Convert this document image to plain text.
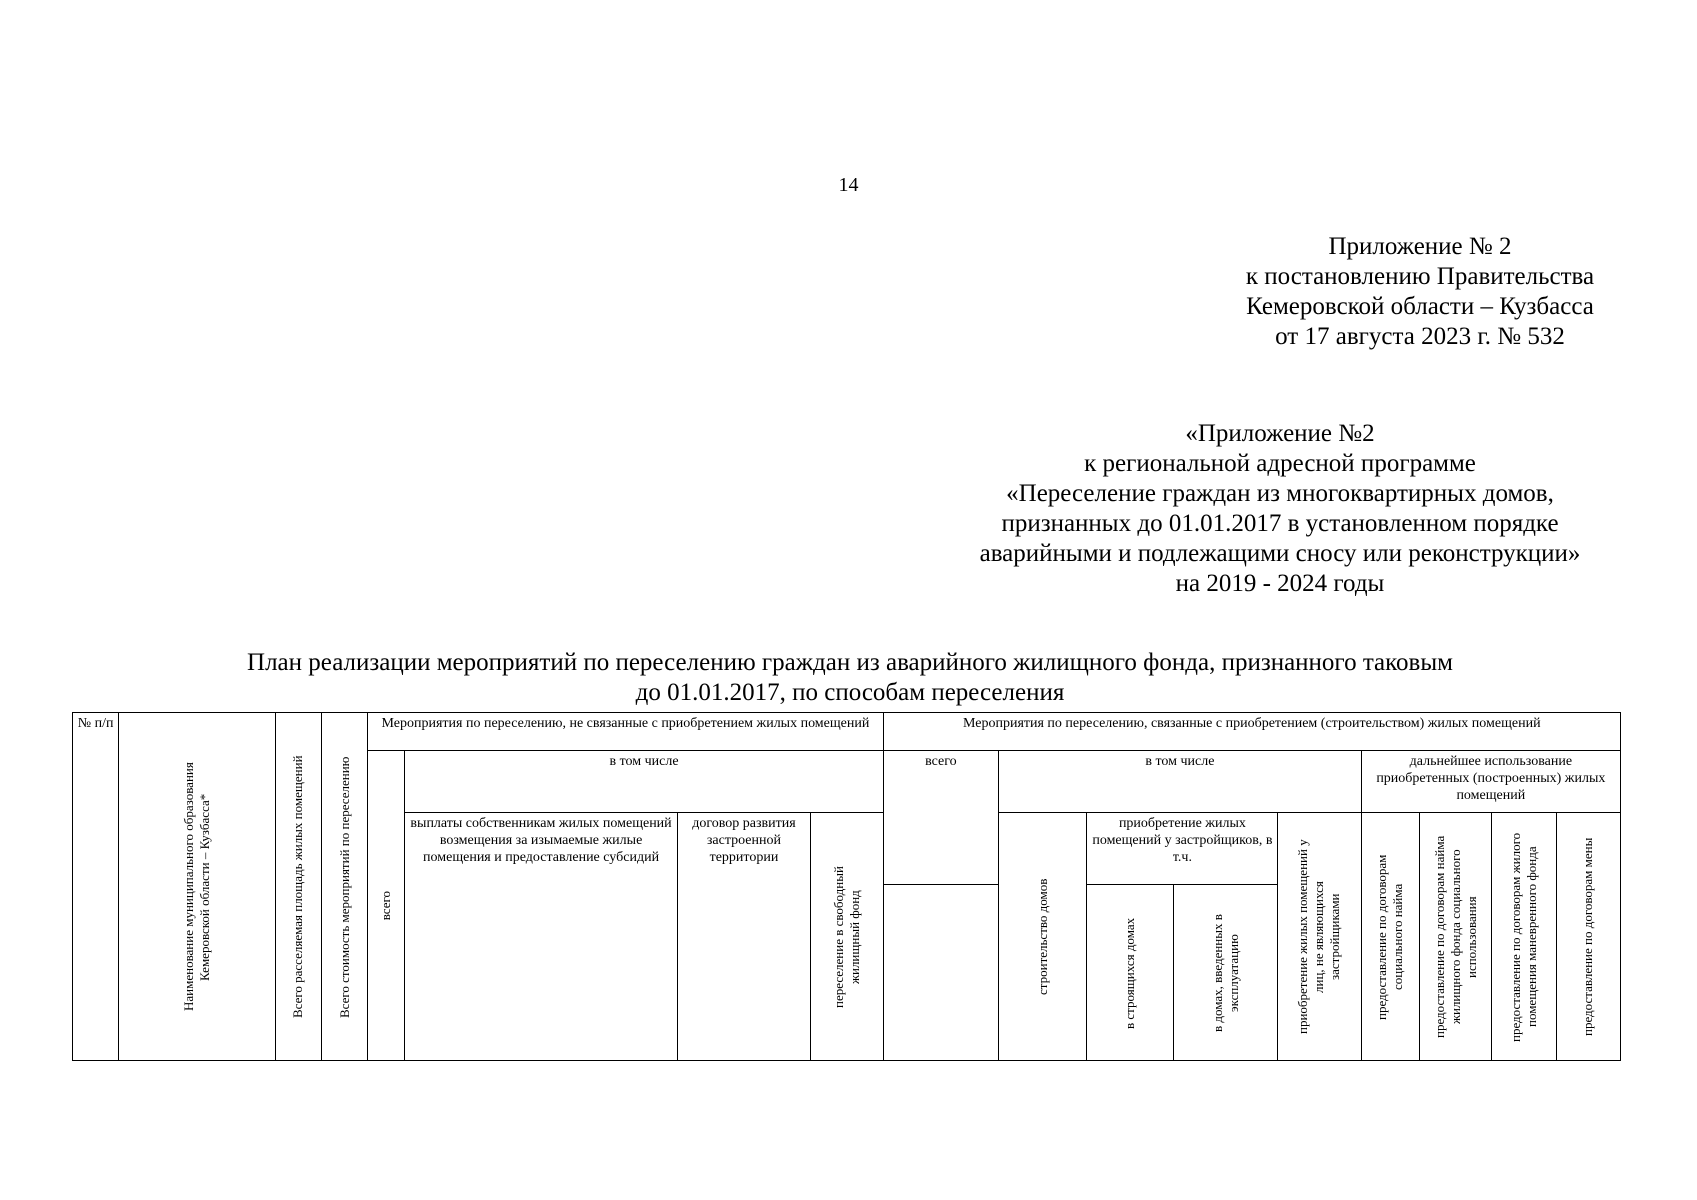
14
Приложение № 2
к постановлению Правительства
Кемеровской области – Кузбасса
от 17 августа 2023 г. № 532
«Приложение №2
к региональной адресной программе
«Переселение граждан из многоквартирных домов,
признанных до 01.01.2017 в установленном порядке
аварийными и подлежащими сносу или реконструкции»
на 2019 - 2024 годы
План реализации мероприятий по переселению граждан из аварийного жилищного фонда, признанного таковым
до 01.01.2017, по способам переселения
№ п/п	Наименование муниципального образования Кемеровской области – Кузбасса*	Всего расселяемая площадь жилых помещений	Всего стоимость мероприятий по переселению	Мероприятия по переселению, не связанные с приобретением жилых помещений				Мероприятия по переселению, связанные с приобретением (строительством) жилых помещений								

				всего	в том числе			всего	в том числе				дальнейшее использование приобретенных (построенных) жилых помещений			
					выплаты собственникам жилых помещений возмещения за изымаемые жилые помещения и предоставление субсидий	договор развития застроенной территории	переселение в свободный жилищный фонд		строительство домов	приобретение жилых помещений у застройщиков, в т.ч.		приобретение жилых помещений у лиц, не являющихся застройщиками	предоставление по договорам социального найма	предоставление по договорам найма жилищного фонда социального использования	предоставление по договорам жилого помещения маневренного фонда	предоставление по договорам мены

										в строящихся домах	в домах, введенных в эксплуатацию					
